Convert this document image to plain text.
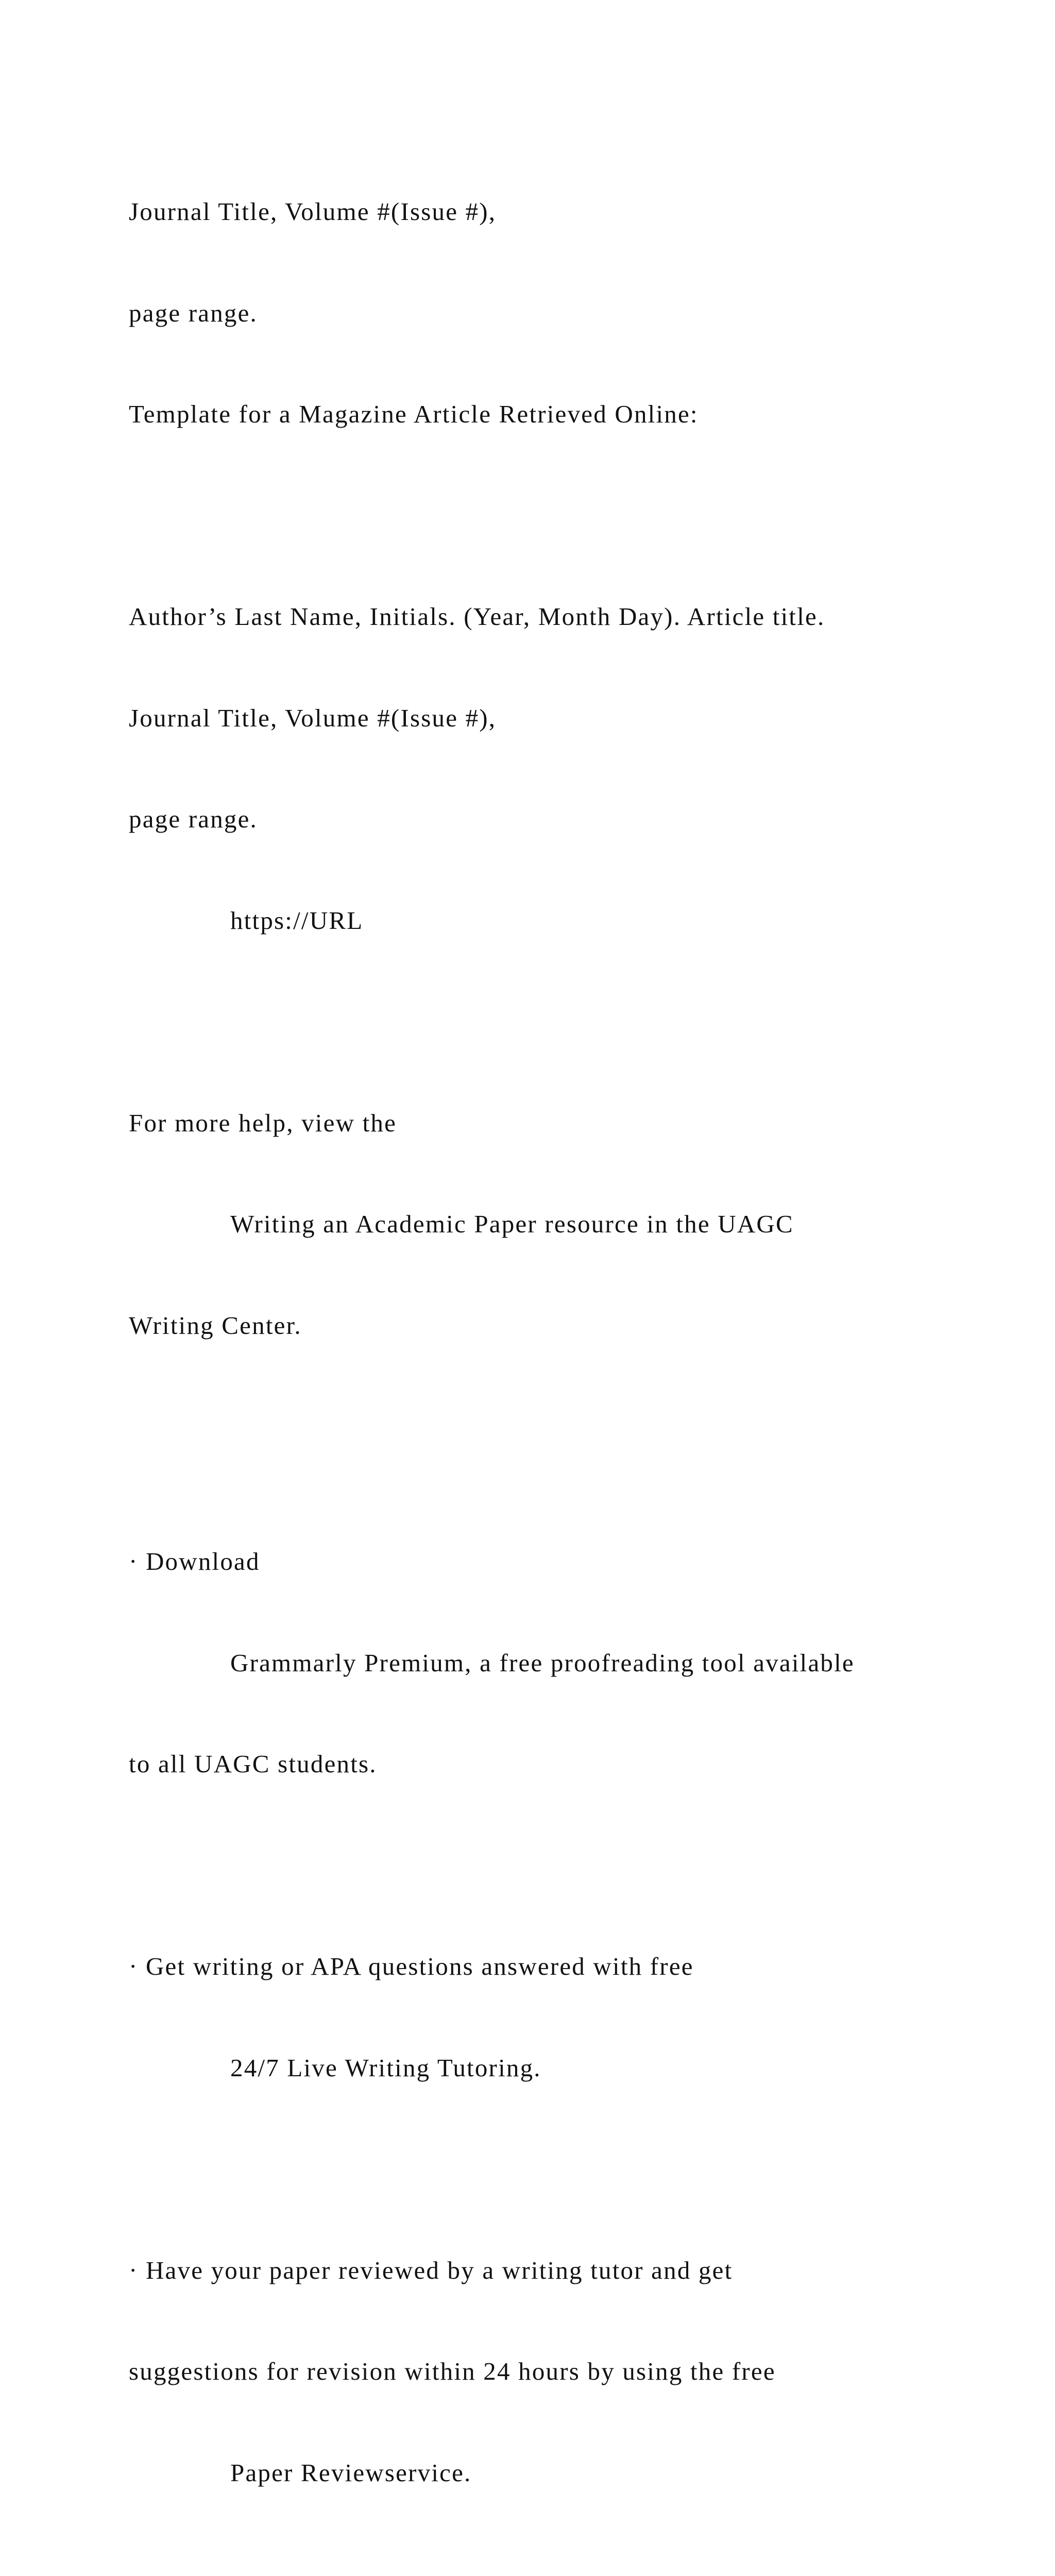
Journal Title, Volume #(Issue #),

page range.

Template for a Magazine Article Retrieved Online:

Author’s Last Name, Initials. (Year, Month Day). Article title.

Journal Title, Volume #(Issue #),

page range.

https://URL

For more help, view the

Writing an Academic Paper resource in the UAGC

Writing Center.

· Download

Grammarly Premium, a free proofreading tool available

to all UAGC students.

· Get writing or APA questions answered with free

24/7 Live Writing Tutoring.

· Have your paper reviewed by a writing tutor and get

suggestions for revision within 24 hours by using the free

Paper Reviewservice.
